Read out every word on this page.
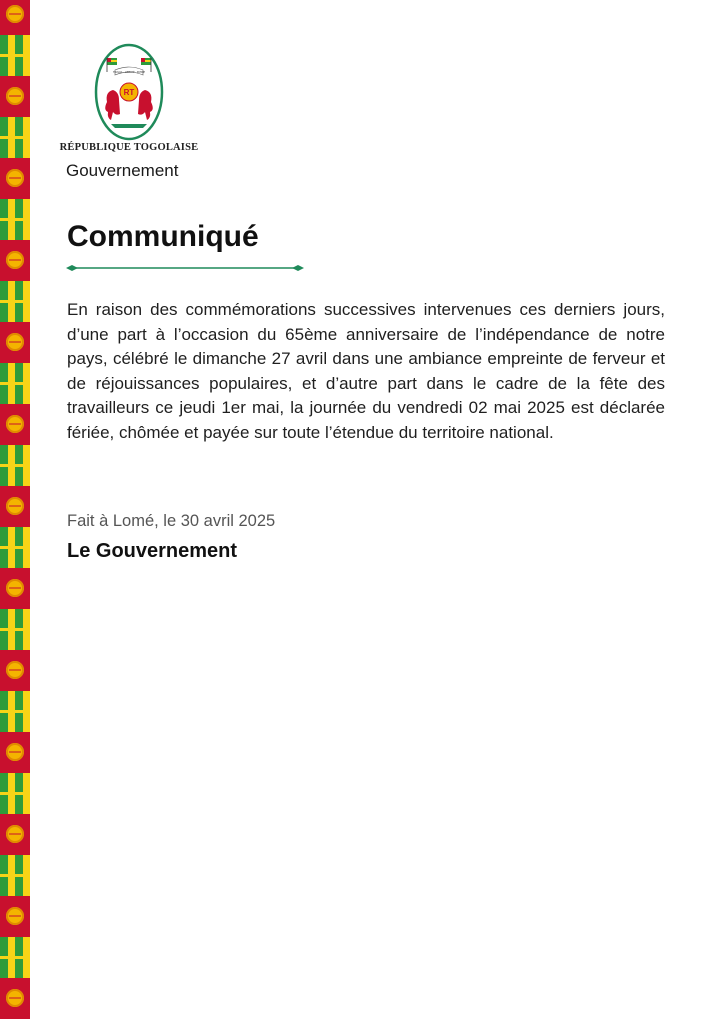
TRAVAIL · LIBERTÉ · PATRIE
RT
RÉPUBLIQUE TOGOLAISE
Gouvernement
Communiqué

En raison des commémorations successives intervenues ces derniers jours, d’une part à l’occasion du 65ème anniversaire de l’indépendance de notre pays, célébré le dimanche 27 avril dans une ambiance empreinte de ferveur et de réjouissances populaires, et d’autre part dans le cadre de la fête des travailleurs ce jeudi 1er mai, la journée du vendredi 02 mai 2025 est déclarée fériée, chômée et payée sur toute l’étendue du territoire national.

Fait à Lomé, le 30 avril 2025
Le Gouvernement
